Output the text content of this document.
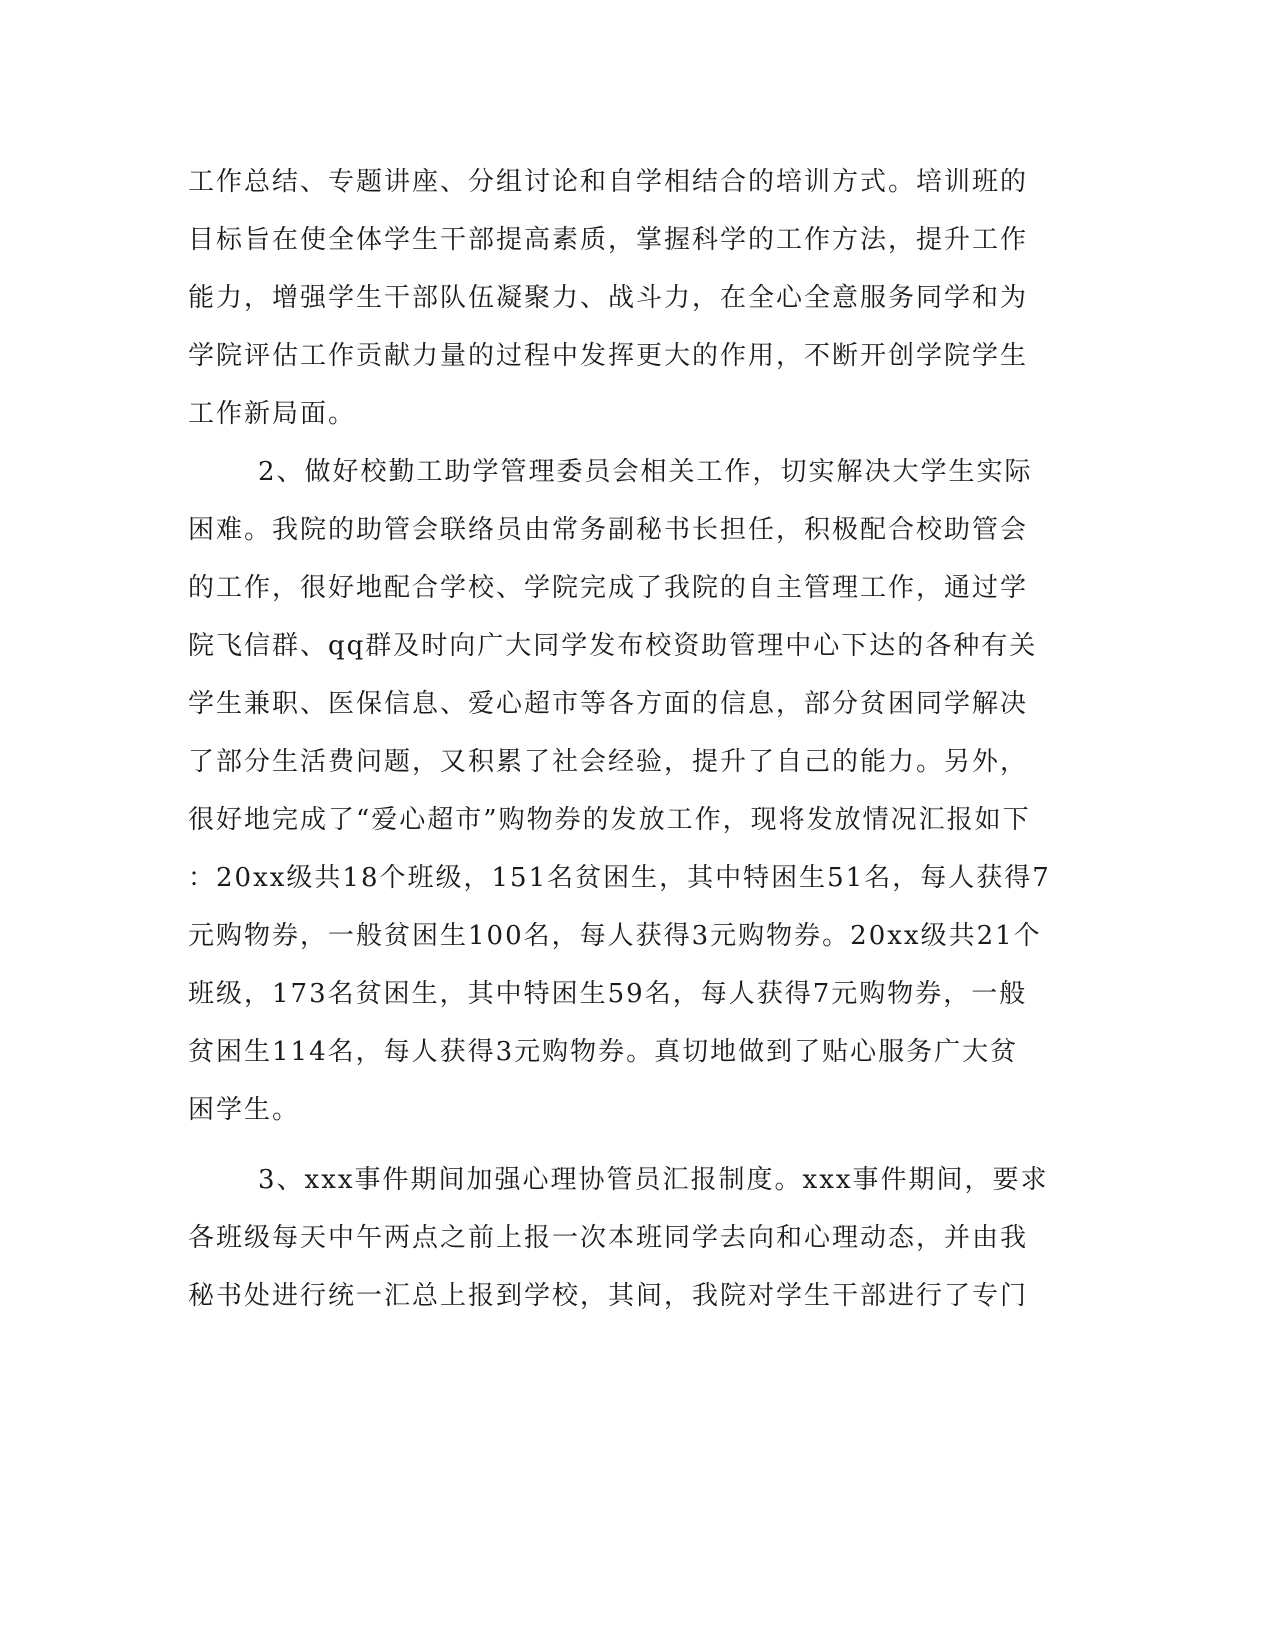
工作总结、专题讲座、分组讨论和自学相结合的培训方式。培训班的

目标旨在使全体学生干部提高素质，掌握科学的工作方法，提升工作

能力，增强学生干部队伍凝聚力、战斗力，在全心全意服务同学和为

学院评估工作贡献力量的过程中发挥更大的作用，不断开创学院学生

工作新局面。

2、做好校勤工助学管理委员会相关工作，切实解决大学生实际

困难。我院的助管会联络员由常务副秘书长担任，积极配合校助管会

的工作，很好地配合学校、学院完成了我院的自主管理工作，通过学

院飞信群、qq群及时向广大同学发布校资助管理中心下达的各种有关

学生兼职、医保信息、爱心超市等各方面的信息，部分贫困同学解决

了部分生活费问题，又积累了社会经验，提升了自己的能力。另外，

很好地完成了“爱心超市”购物券的发放工作，现将发放情况汇报如下

：20xx级共18个班级，151名贫困生，其中特困生51名，每人获得7

元购物券，一般贫困生100名，每人获得3元购物券。20xx级共21个

班级，173名贫困生，其中特困生59名，每人获得7元购物券，一般

贫困生114名，每人获得3元购物券。真切地做到了贴心服务广大贫

困学生。

3、xxx事件期间加强心理协管员汇报制度。xxx事件期间，要求

各班级每天中午两点之前上报一次本班同学去向和心理动态，并由我

秘书处进行统一汇总上报到学校，其间，我院对学生干部进行了专门
